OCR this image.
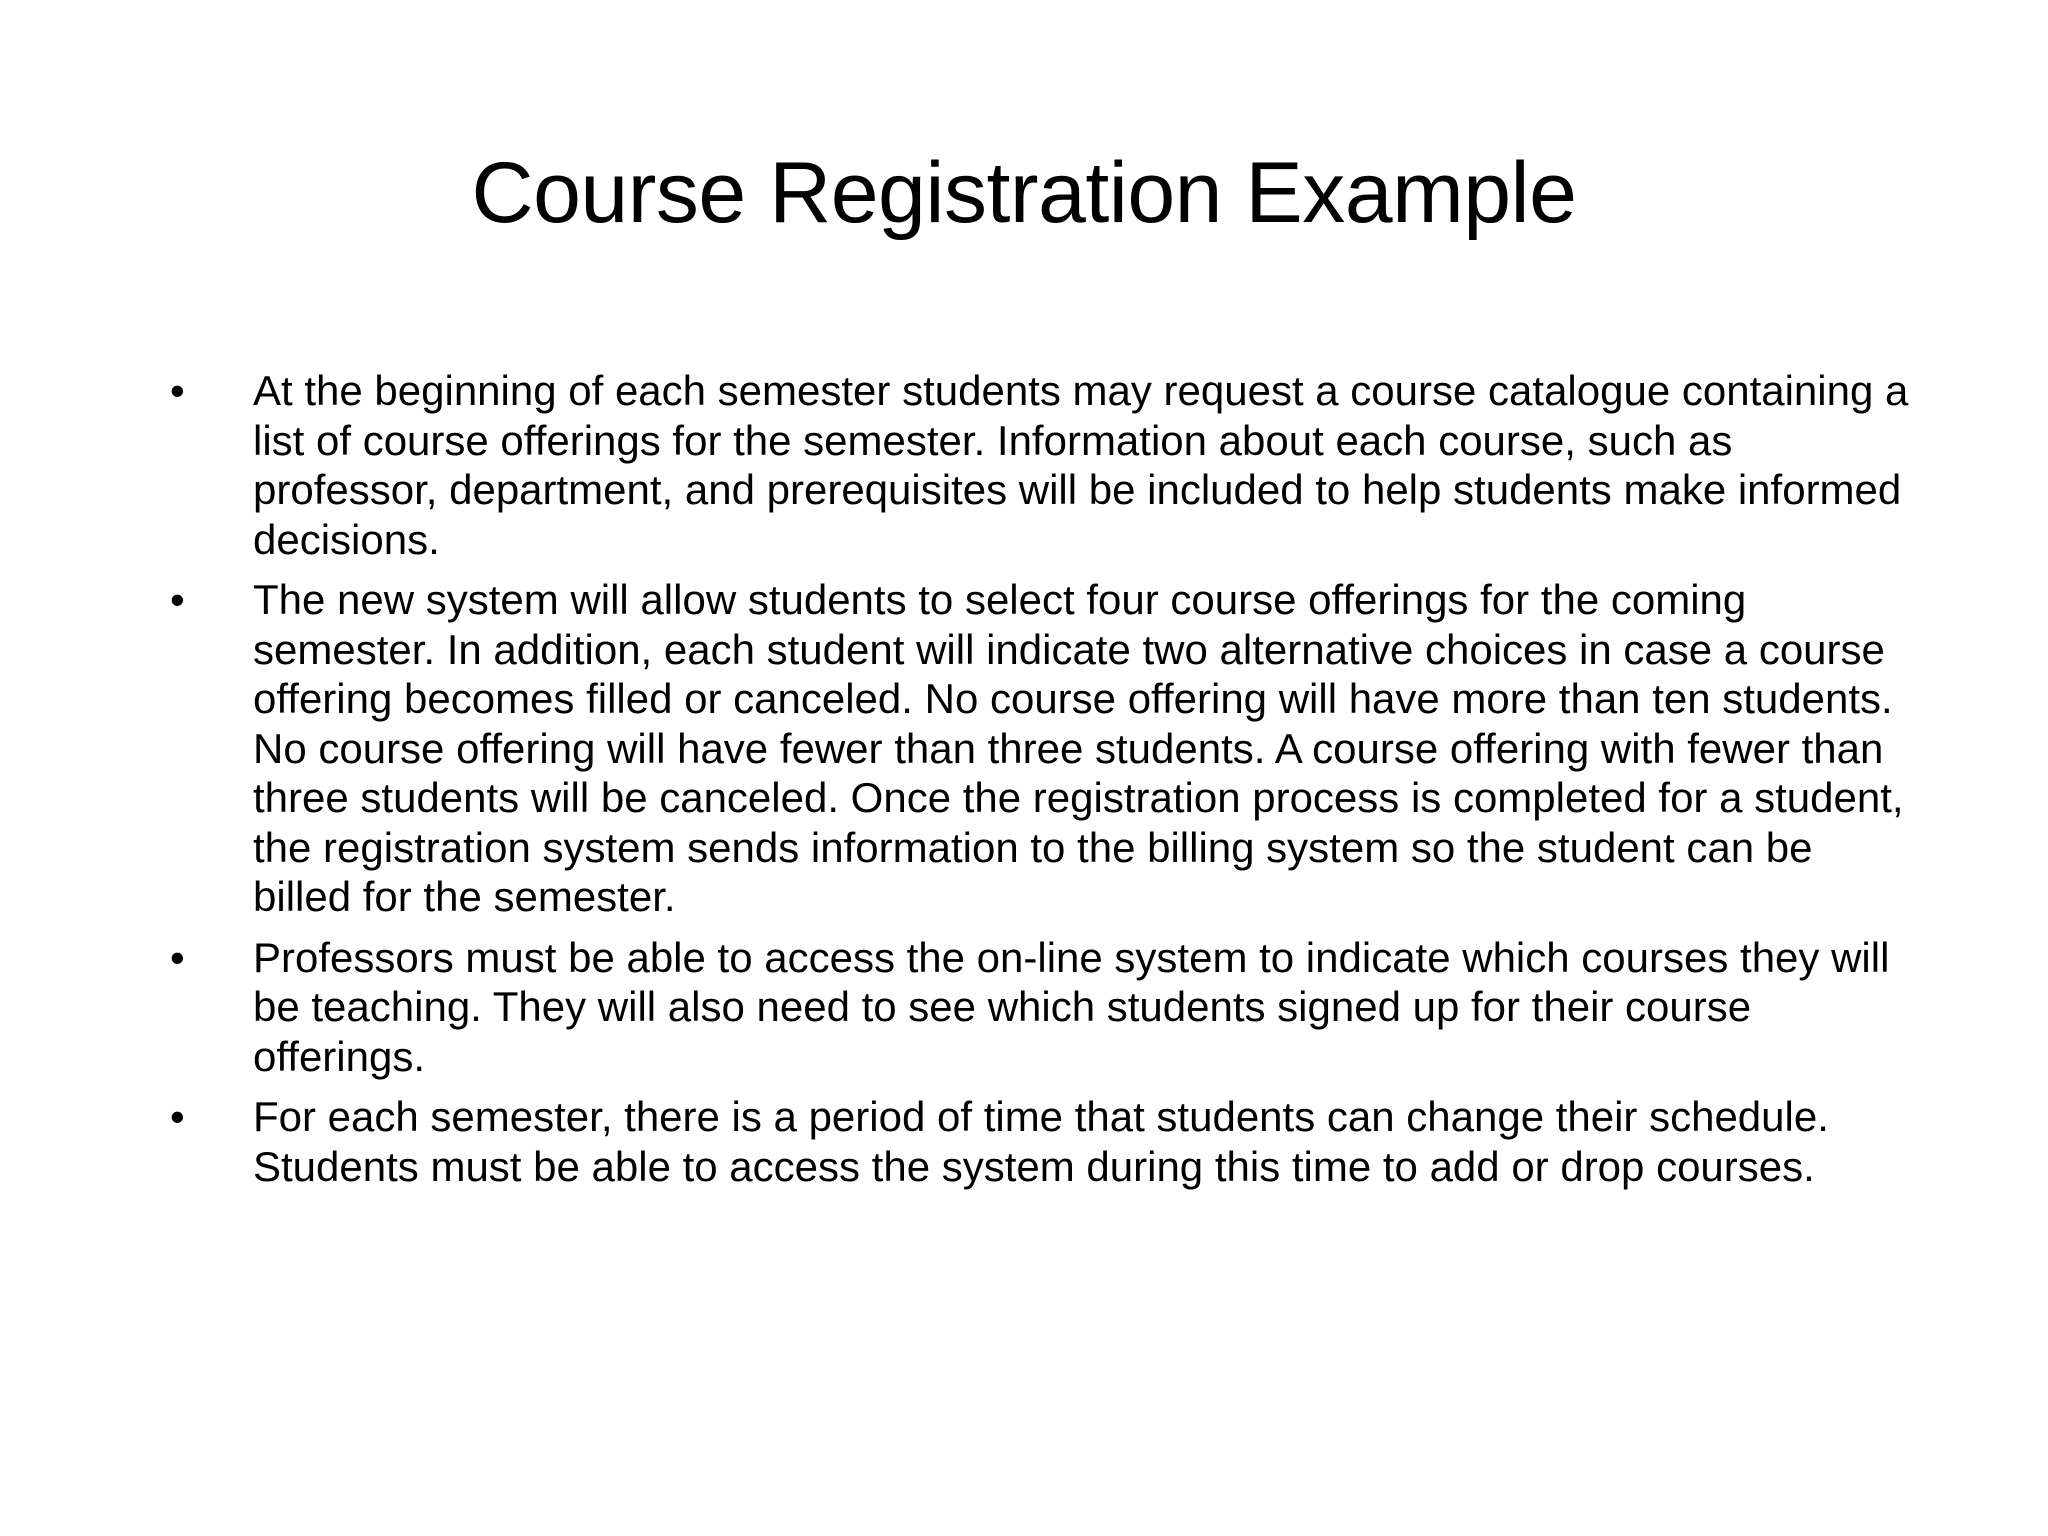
Course Registration Example
•	At the beginning of each semester students may request a course catalogue containing a list of course offerings for the semester. Information about each course, such as professor, department, and prerequisites will be included to help students make informed decisions.
•	The new system will allow students to select four course offerings for the coming semester. In addition, each student will indicate two alternative choices in case a course offering becomes filled or canceled. No course offering will have more than ten students. No course offering will have fewer than three students. A course offering with fewer than three students will be canceled. Once the registration process is completed for a student, the registration system sends information to the billing system so the student can be billed for the semester.
•	Professors must be able to access the on-line system to indicate which courses they will be teaching. They will also need to see which students signed up for their course offerings.
•	For each semester, there is a period of time that students can change their schedule. Students must be able to access the system during this time to add or drop courses.
